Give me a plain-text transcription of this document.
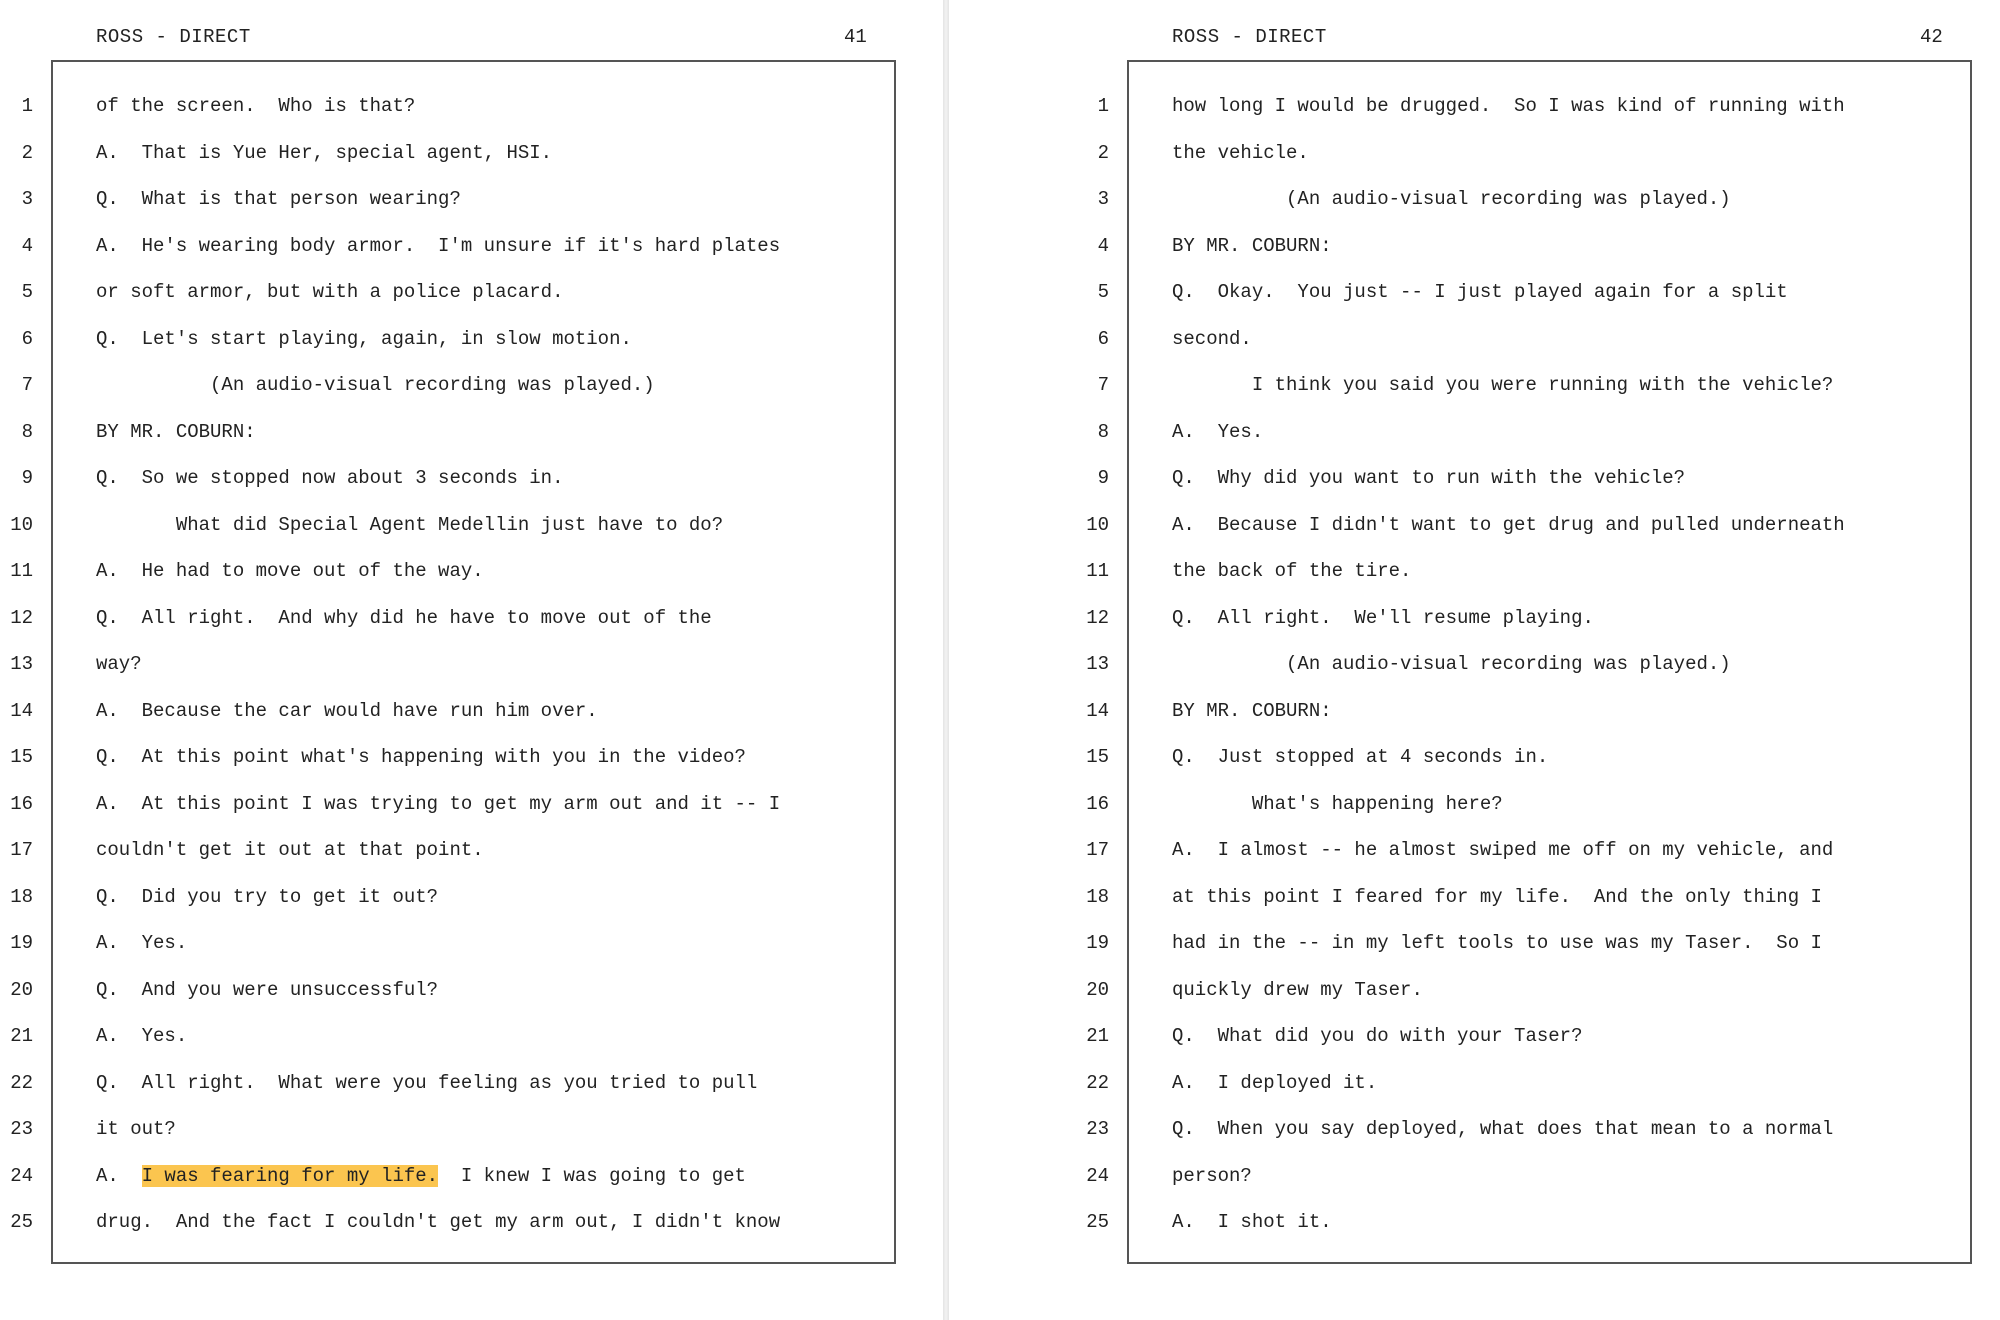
ROSS - DIRECT	41
1	of the screen.  Who is that?
2	A.  That is Yue Her, special agent, HSI.
3	Q.  What is that person wearing?
4	A.  He's wearing body armor.  I'm unsure if it's hard plates
5	or soft armor, but with a police placard.
6	Q.  Let's start playing, again, in slow motion.
7	(An audio-visual recording was played.)
8	BY MR. COBURN:
9	Q.  So we stopped now about 3 seconds in.
10	What did Special Agent Medellin just have to do?
11	A.  He had to move out of the way.
12	Q.  All right.  And why did he have to move out of the
13	way?
14	A.  Because the car would have run him over.
15	Q.  At this point what's happening with you in the video?
16	A.  At this point I was trying to get my arm out and it -- I
17	couldn't get it out at that point.
18	Q.  Did you try to get it out?
19	A.  Yes.
20	Q.  And you were unsuccessful?
21	A.  Yes.
22	Q.  All right.  What were you feeling as you tried to pull
23	it out?
24	A.  I was fearing for my life.  I knew I was going to get
25	drug.  And the fact I couldn't get my arm out, I didn't know
ROSS - DIRECT	42
1	how long I would be drugged.  So I was kind of running with
2	the vehicle.
3	(An audio-visual recording was played.)
4	BY MR. COBURN:
5	Q.  Okay.  You just -- I just played again for a split
6	second.
7	I think you said you were running with the vehicle?
8	A.  Yes.
9	Q.  Why did you want to run with the vehicle?
10	A.  Because I didn't want to get drug and pulled underneath
11	the back of the tire.
12	Q.  All right.  We'll resume playing.
13	(An audio-visual recording was played.)
14	BY MR. COBURN:
15	Q.  Just stopped at 4 seconds in.
16	What's happening here?
17	A.  I almost -- he almost swiped me off on my vehicle, and
18	at this point I feared for my life.  And the only thing I
19	had in the -- in my left tools to use was my Taser.  So I
20	quickly drew my Taser.
21	Q.  What did you do with your Taser?
22	A.  I deployed it.
23	Q.  When you say deployed, what does that mean to a normal
24	person?
25	A.  I shot it.
